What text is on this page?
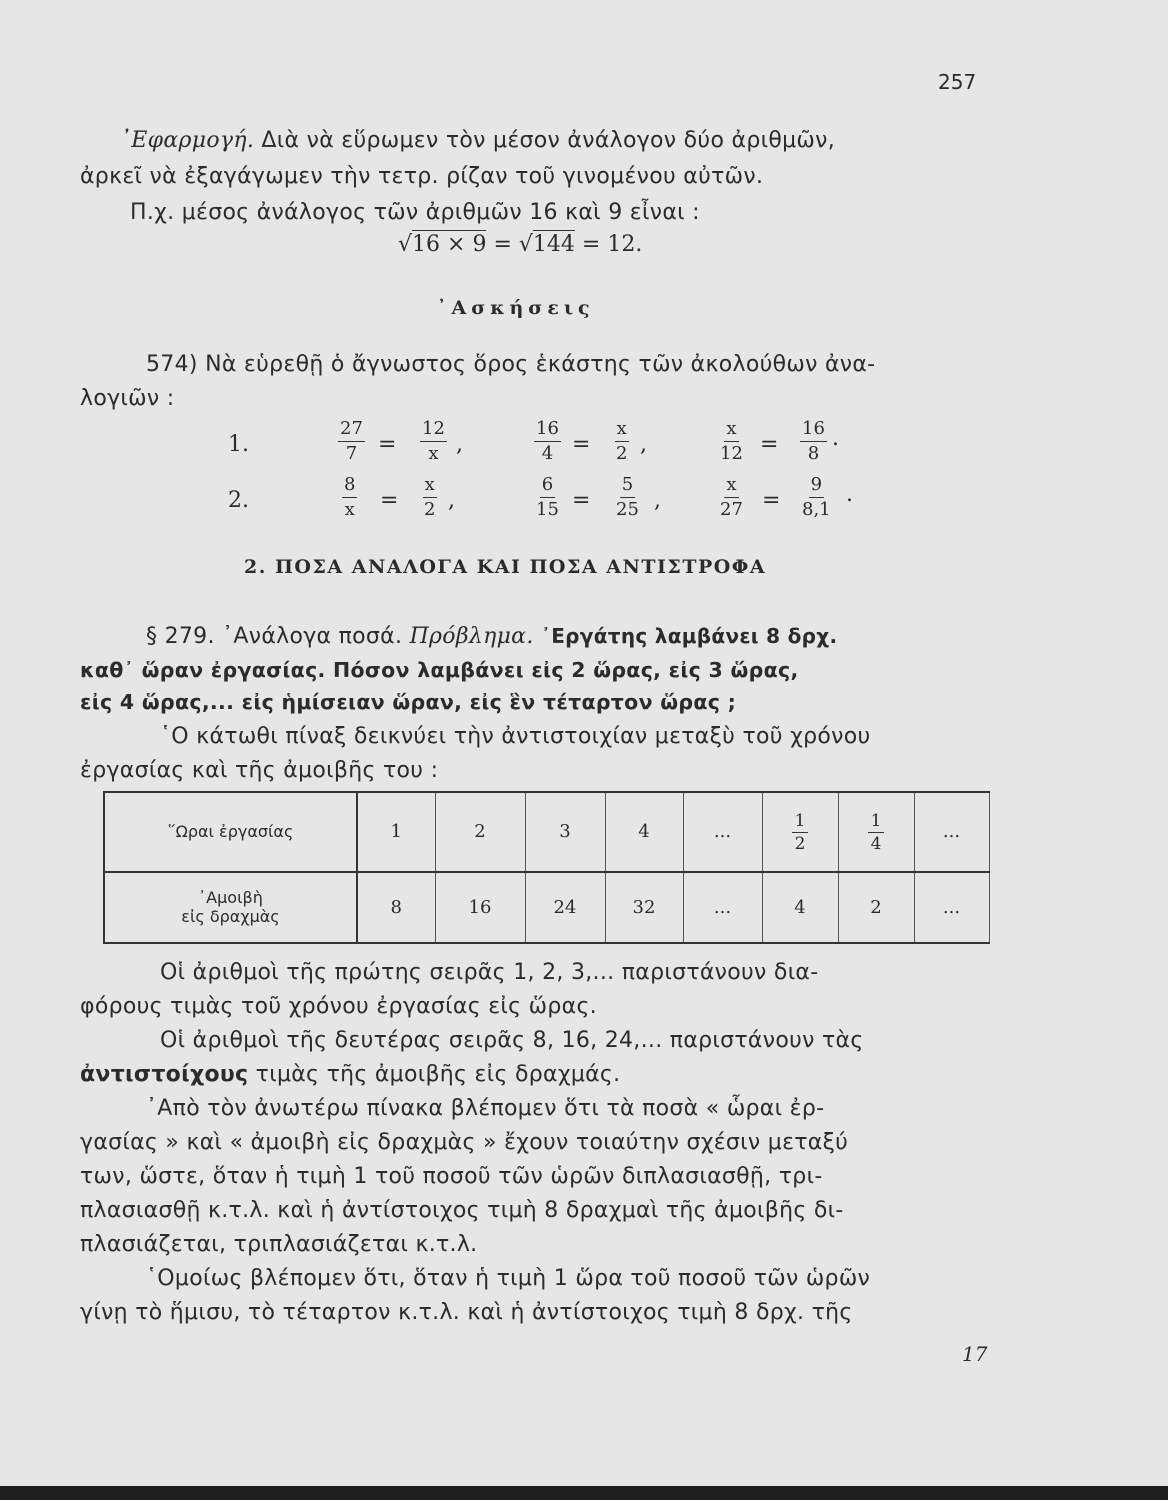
257
᾿Εφαρμογή. Διὰ νὰ εὕρωμεν τὸν μέσον ἀνάλογον δύο ἀριθμῶν,
ἀρκεῖ νὰ ἐξαγάγωμεν τὴν τετρ. ρίζαν τοῦ γινομένου αὐτῶν.
Π.χ. μέσος ἀνάλογος τῶν ἀριθμῶν 16 καὶ 9 εἶναι :
√16 × 9 = √144 = 12.
᾿Ασκήσεις
574) Νὰ εὑρεθῇ ὁ ἄγνωστος ὅρος ἑκάστης τῶν ἀκολούθων ἀνα-
λογιῶν :
1.	$\frac{27}{7} = \frac{12}{x}$ ,	$\frac{16}{4} = \frac{x}{2}$ ,	$\frac{x}{12} = \frac{16}{8}$ .
2.	$\frac{8}{x} = \frac{x}{2}$ ,	$\frac{6}{15} = \frac{5}{25}$ ,	$\frac{x}{27} = \frac{9}{8,1}$ .
2. ΠΟΣΑ ΑΝΑΛΟΓΑ ΚΑΙ ΠΟΣΑ ΑΝΤΙΣΤΡΟΦΑ
§ 279. ᾿Ανάλογα ποσά. Πρόβλημα. ᾿Εργάτης λαμβάνει 8 δρχ.
καθ᾿ ὥραν ἐργασίας. Πόσον λαμβάνει εἰς 2 ὥρας, εἰς 3 ὥρας,
εἰς 4 ὥρας,... εἰς ἡμίσειαν ὥραν, εἰς ἓν τέταρτον ὥρας ;
῾Ο κάτωθι πίναξ δεικνύει τὴν ἀντιστοιχίαν μεταξὺ τοῦ χρόνου
ἐργασίας καὶ τῆς ἀμοιβῆς του :
῞Ωραι ἐργασίας	1	2	3	4	...	$\frac{1}{2}$	$\frac{1}{4}$	...

᾿Αμοιβὴ
εἰς δραχμὰς	8	16	24	32	...	4	2	...
Οἱ ἀριθμοὶ τῆς πρώτης σειρᾶς 1, 2, 3,... παριστάνουν δια-
φόρους τιμὰς τοῦ χρόνου ἐργασίας εἰς ὥρας.
Οἱ ἀριθμοὶ τῆς δευτέρας σειρᾶς 8, 16, 24,... παριστάνουν τὰς
ἀντιστοίχους τιμὰς τῆς ἀμοιβῆς εἰς δραχμάς.
᾿Απὸ τὸν ἀνωτέρω πίνακα βλέπομεν ὅτι τὰ ποσὰ « ὧραι ἐρ-
γασίας » καὶ « ἀμοιβὴ εἰς δραχμὰς » ἔχουν τοιαύτην σχέσιν μεταξύ
των, ὥστε, ὅταν ἡ τιμὴ 1 τοῦ ποσοῦ τῶν ὡρῶν διπλασιασθῇ, τρι-
πλασιασθῇ κ.τ.λ. καὶ ἡ ἀντίστοιχος τιμὴ 8 δραχμαὶ τῆς ἀμοιβῆς δι-
πλασιάζεται, τριπλασιάζεται κ.τ.λ.
῾Ομοίως βλέπομεν ὅτι, ὅταν ἡ τιμὴ 1 ὥρα τοῦ ποσοῦ τῶν ὡρῶν
γίνῃ τὸ ἥμισυ, τὸ τέταρτον κ.τ.λ. καὶ ἡ ἀντίστοιχος τιμὴ 8 δρχ. τῆς
17
